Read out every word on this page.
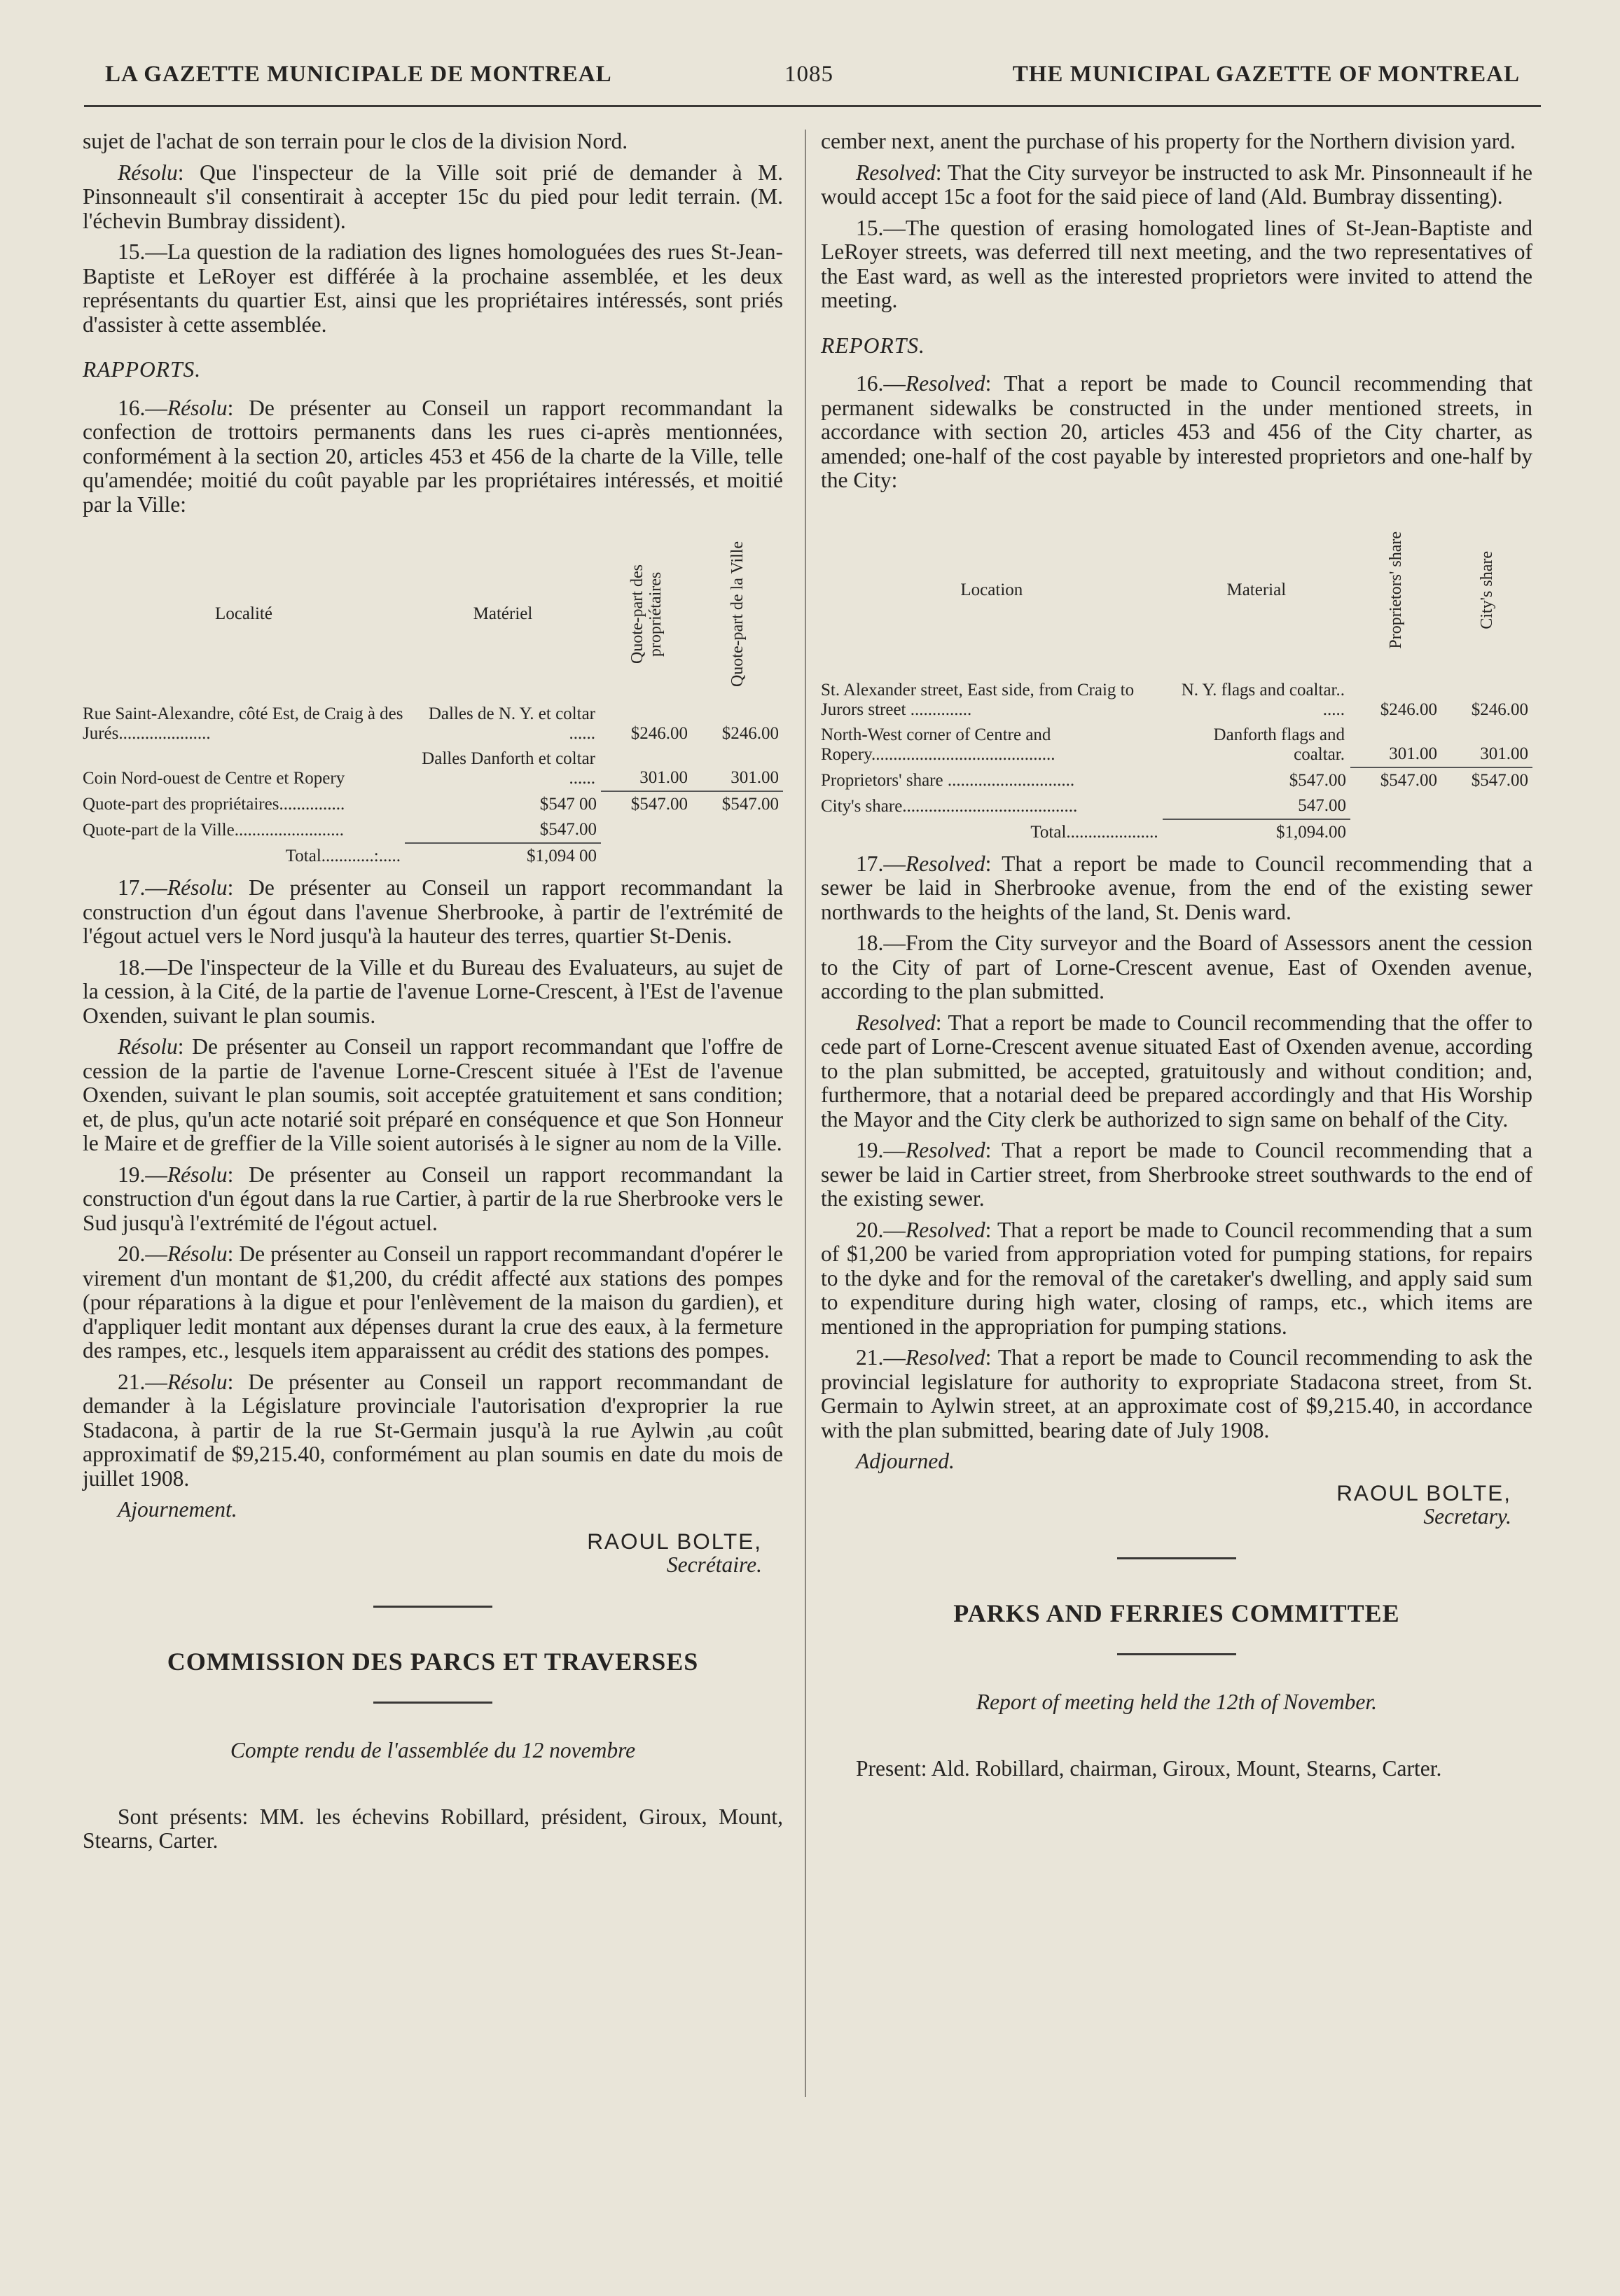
LA GAZETTE MUNICIPALE DE MONTREAL	1085	THE MUNICIPAL GAZETTE OF MONTREAL

sujet de l'achat de son terrain pour le clos de la division Nord.

Résolu: Que l'inspecteur de la Ville soit prié de demander à M. Pinsonneault s'il consentirait à accepter 15c du pied pour ledit terrain. (M. l'échevin Bumbray dissident).

15.—La question de la radiation des lignes homologuées des rues St-Jean-Baptiste et LeRoyer est différée à la prochaine assemblée, et les deux représentants du quartier Est, ainsi que les propriétaires intéressés, sont priés d'assister à cette assemblée.

RAPPORTS.

16.—Résolu: De présenter au Conseil un rapport recommandant la confection de trottoirs permanents dans les rues ci-après mentionnées, conformément à la section 20, articles 453 et 456 de la charte de la Ville, telle qu'amendée; moitié du coût payable par les propriétaires intéressés, et moitié par la Ville:

Localité	Matériel	Quote-part des propriétaires	Quote-part de la Ville

Rue Saint-Alexandre, côté Est, de Craig à des Jurés.....................	Dalles de N. Y. et coltar ......	$246.00	$246.00
Coin Nord-ouest de Centre et Ropery	Dalles Danforth et coltar ......	301.00	301.00
Quote-part des propriétaires...............	$547 00	$547.00	$547.00
Quote-part de la Ville.........................	$547.00		
Total............:.....	$1,094 00		

17.—Résolu: De présenter au Conseil un rapport recommandant la construction d'un égout dans l'avenue Sherbrooke, à partir de l'extrémité de l'égout actuel vers le Nord jusqu'à la hauteur des terres, quartier St-Denis.

18.—De l'inspecteur de la Ville et du Bureau des Evaluateurs, au sujet de la cession, à la Cité, de la partie de l'avenue Lorne-Crescent, à l'Est de l'avenue Oxenden, suivant le plan soumis.

Résolu: De présenter au Conseil un rapport recommandant que l'offre de cession de la partie de l'avenue Lorne-Crescent située à l'Est de l'avenue Oxenden, suivant le plan soumis, soit acceptée gratuitement et sans condition; et, de plus, qu'un acte notarié soit préparé en conséquence et que Son Honneur le Maire et de greffier de la Ville soient autorisés à le signer au nom de la Ville.

19.—Résolu: De présenter au Conseil un rapport recommandant la construction d'un égout dans la rue Cartier, à partir de la rue Sherbrooke vers le Sud jusqu'à l'extrémité de l'égout actuel.

20.—Résolu: De présenter au Conseil un rapport recommandant d'opérer le virement d'un montant de $1,200, du crédit affecté aux stations des pompes (pour réparations à la digue et pour l'enlèvement de la maison du gardien), et d'appliquer ledit montant aux dépenses durant la crue des eaux, à la fermeture des rampes, etc., lesquels item apparaissent au crédit des stations des pompes.

21.—Résolu: De présenter au Conseil un rapport recommandant de demander à la Législature provinciale l'autorisation d'exproprier la rue Stadacona, à partir de la rue St-Germain jusqu'à la rue Aylwin ,au coût approximatif de $9,215.40, conformément au plan soumis en date du mois de juillet 1908.

Ajournement.

RAOUL BOLTE,
Secrétaire.
COMMISSION DES PARCS ET TRAVERSES
Compte rendu de l'assemblée du 12 novembre

Sont présents: MM. les échevins Robillard, président, Giroux, Mount, Stearns, Carter.

cember next, anent the purchase of his property for the Northern division yard.

Resolved: That the City surveyor be instructed to ask Mr. Pinsonneault if he would accept 15c a foot for the said piece of land (Ald. Bumbray dissenting).

15.—The question of erasing homologated lines of St-Jean-Baptiste and LeRoyer streets, was deferred till next meeting, and the two representatives of the East ward, as well as the interested proprietors were invited to attend the meeting.

REPORTS.

16.—Resolved: That a report be made to Council recommending that permanent sidewalks be constructed in the under mentioned streets, in accordance with section 20, articles 453 and 456 of the City charter, as amended; one-half of the cost payable by interested proprietors and one-half by the City:

Location	Material	Proprietors' share	City's share

St. Alexander street, East side, from Craig to Jurors street ..............	N. Y. flags and coaltar.. .....	$246.00	$246.00
North-West corner of Centre and Ropery..........................................	Danforth flags and coaltar.	301.00	301.00
Proprietors' share .............................	$547.00	$547.00	$547.00
City's share........................................	547.00		
Total.....................	$1,094.00		

17.—Resolved: That a report be made to Council recommending that a sewer be laid in Sherbrooke avenue, from the end of the existing sewer northwards to the heights of the land, St. Denis ward.

18.—From the City surveyor and the Board of Assessors anent the cession to the City of part of Lorne-Crescent avenue, East of Oxenden avenue, according to the plan submitted.

Resolved: That a report be made to Council recommending that the offer to cede part of Lorne-Crescent avenue situated East of Oxenden avenue, according to the plan submitted, be accepted, gratuitously and without condition; and, furthermore, that a notarial deed be prepared accordingly and that His Worship the Mayor and the City clerk be authorized to sign same on behalf of the City.

19.—Resolved: That a report be made to Council recommending that a sewer be laid in Cartier street, from Sherbrooke street southwards to the end of the existing sewer.

20.—Resolved: That a report be made to Council recommending that a sum of $1,200 be varied from appropriation voted for pumping stations, for repairs to the dyke and for the removal of the caretaker's dwelling, and apply said sum to expenditure during high water, closing of ramps, etc., which items are mentioned in the appropriation for pumping stations.

21.—Resolved: That a report be made to Council recommending to ask the provincial legislature for authority to expropriate Stadacona street, from St. Germain to Aylwin street, at an approximate cost of $9,215.40, in accordance with the plan submitted, bearing date of July 1908.

Adjourned.

RAOUL BOLTE,
Secretary.
PARKS AND FERRIES COMMITTEE
Report of meeting held the 12th of November.

Present: Ald. Robillard, chairman, Giroux, Mount, Stearns, Carter.
